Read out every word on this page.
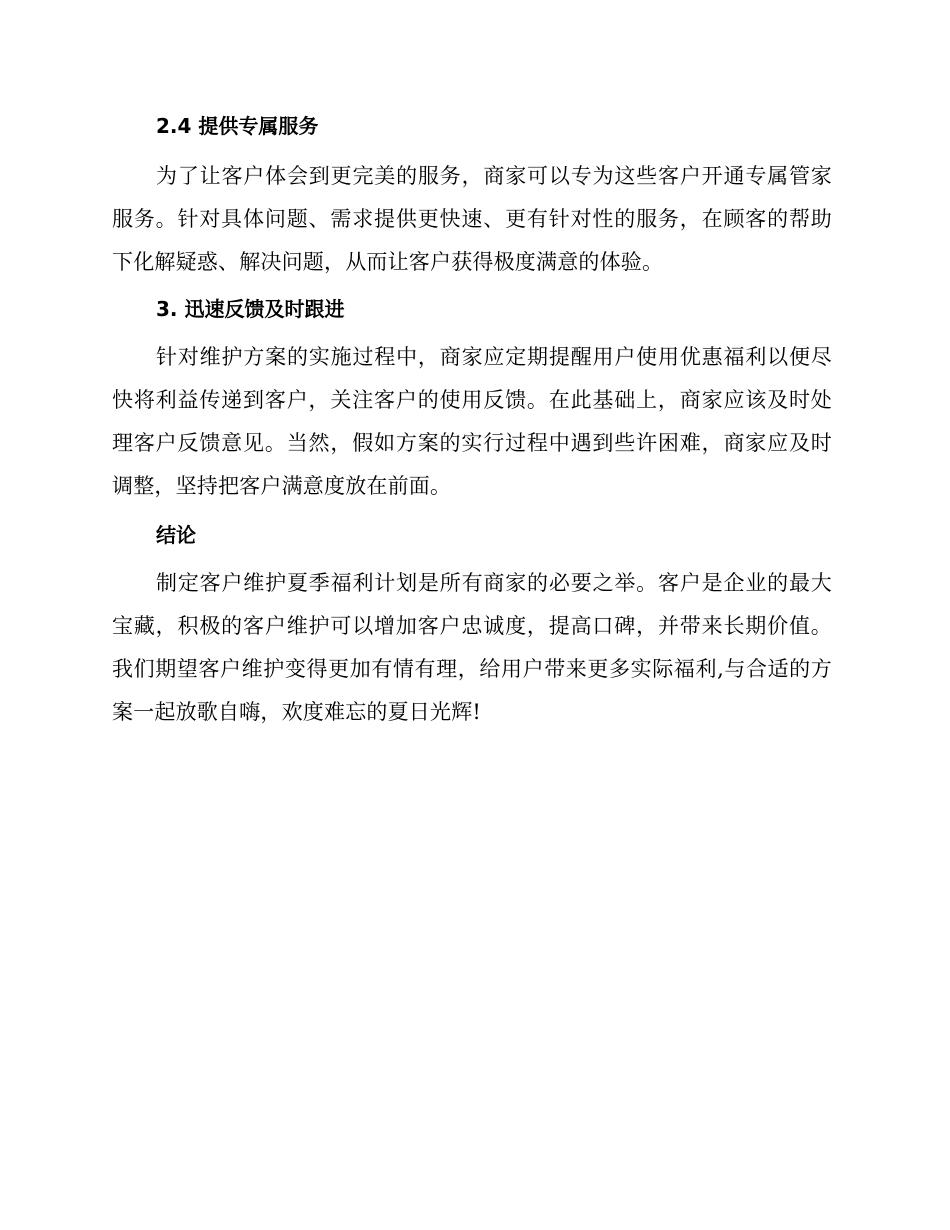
2.4 提供专属服务

为了让客户体会到更完美的服务，商家可以专为这些客户开通专属管家服务。针对具体问题、需求提供更快速、更有针对性的服务，在顾客的帮助下化解疑惑、解决问题，从而让客户获得极度满意的体验。

3. 迅速反馈及时跟进

针对维护方案的实施过程中，商家应定期提醒用户使用优惠福利以便尽快将利益传递到客户，关注客户的使用反馈。在此基础上，商家应该及时处理客户反馈意见。当然，假如方案的实行过程中遇到些许困难，商家应及时调整，坚持把客户满意度放在前面。

结论

制定客户维护夏季福利计划是所有商家的必要之举。客户是企业的最大宝藏，积极的客户维护可以增加客户忠诚度，提高口碑，并带来长期价值。我们期望客户维护变得更加有情有理，给用户带来更多实际福利,与合适的方案一起放歌自嗨，欢度难忘的夏日光辉!
